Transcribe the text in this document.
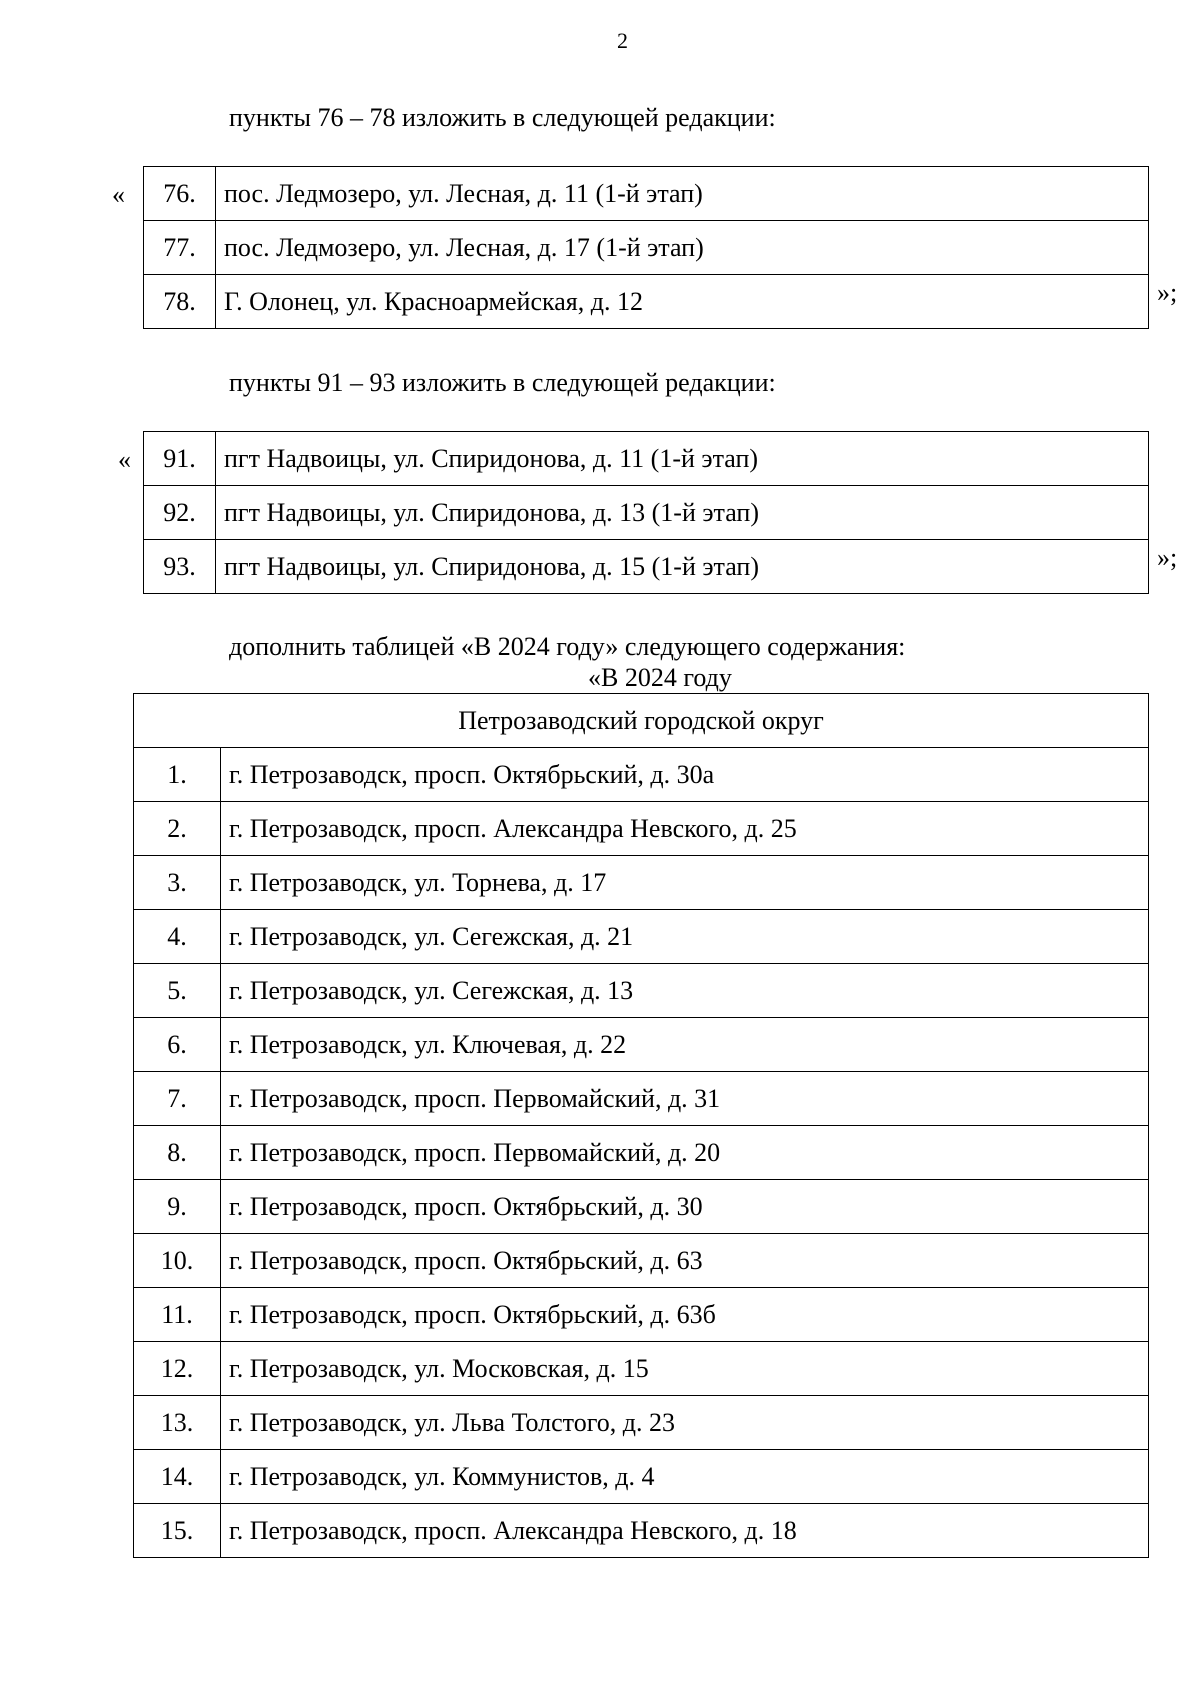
2
пункты 76 – 78 изложить в следующей редакции:
« 76.	пос. Ледмозеро, ул. Лесная, д. 11 (1-й этап)
77.	пос. Ледмозеро, ул. Лесная, д. 17 (1-й этап)
78.	Г. Олонец, ул. Красноармейская, д. 12	»;
пункты 91 – 93 изложить в следующей редакции:
« 91.	пгт Надвоицы, ул. Спиридонова, д. 11 (1-й этап)
92.	пгт Надвоицы, ул. Спиридонова, д. 13 (1-й этап)
93.	пгт Надвоицы, ул. Спиридонова, д. 15 (1-й этап)	»;
дополнить таблицей «В 2024 году» следующего содержания:
«В 2024 году
Петрозаводский городской округ	
1.	г. Петрозаводск, просп. Октябрьский, д. 30а
2.	г. Петрозаводск, просп. Александра Невского, д. 25
3.	г. Петрозаводск, ул. Торнева, д. 17
4.	г. Петрозаводск, ул. Сегежская, д. 21
5.	г. Петрозаводск, ул. Сегежская, д. 13
6.	г. Петрозаводск, ул. Ключевая, д. 22
7.	г. Петрозаводск, просп. Первомайский, д. 31
8.	г. Петрозаводск, просп. Первомайский, д. 20
9.	г. Петрозаводск, просп. Октябрьский, д. 30
10.	г. Петрозаводск, просп. Октябрьский, д. 63
11.	г. Петрозаводск, просп. Октябрьский, д. 63б
12.	г. Петрозаводск, ул. Московская, д. 15
13.	г. Петрозаводск, ул. Льва Толстого, д. 23
14.	г. Петрозаводск, ул. Коммунистов, д. 4
15.	г. Петрозаводск, просп. Александра Невского, д. 18
